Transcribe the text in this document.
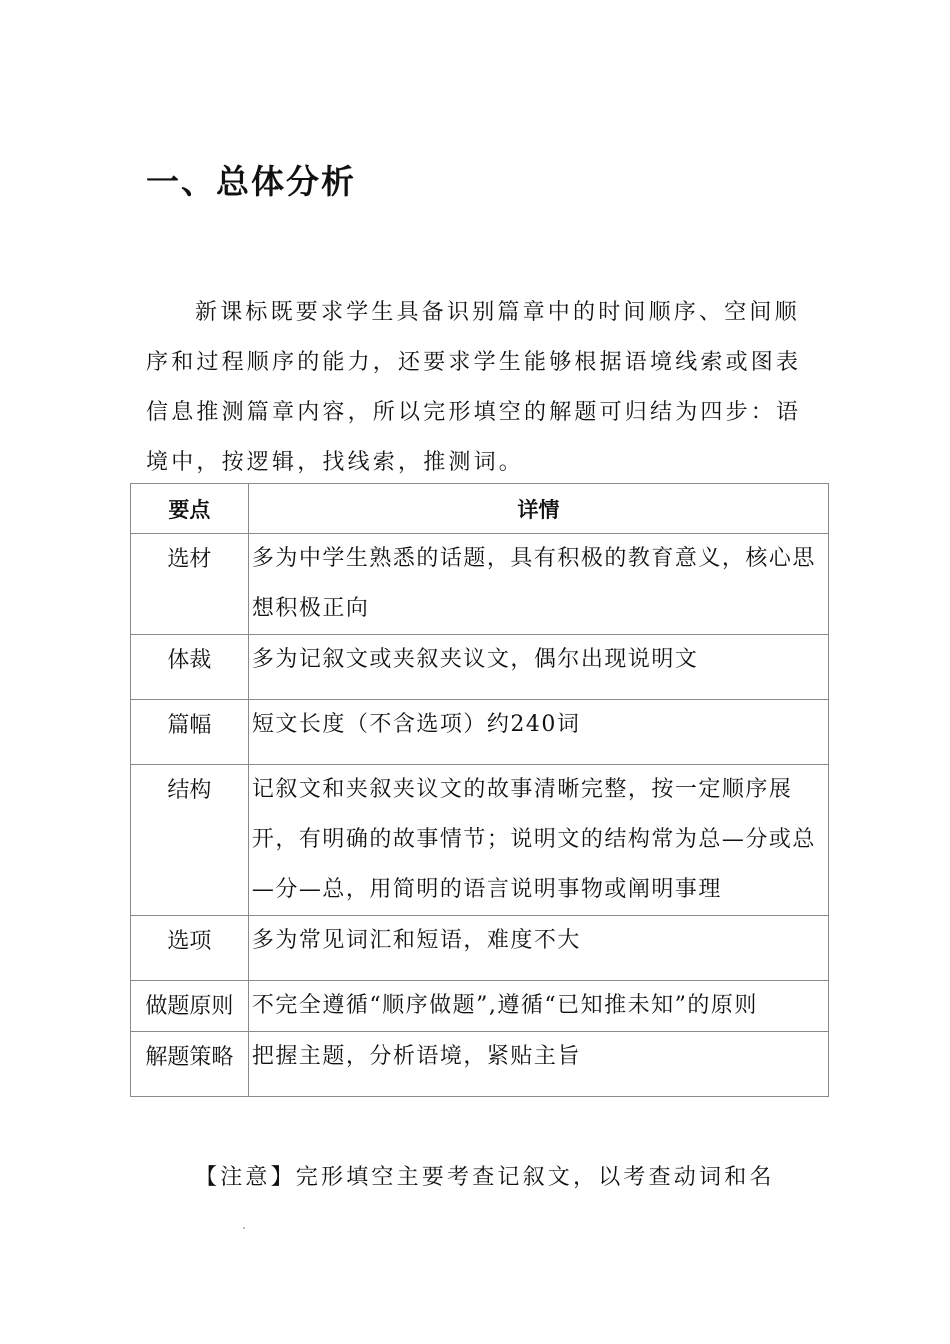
一、总体分析

新课标既要求学生具备识别篇章中的时间顺序、空间顺序和过程顺序的能力，还要求学生能够根据语境线索或图表信息推测篇章内容，所以完形填空的解题可归结为四步：语境中，按逻辑，找线索，推测词。

要点	详情
选材	多为中学生熟悉的话题，具有积极的教育意义，核心思想积极正向
体裁	多为记叙文或夹叙夹议文，偶尔出现说明文
篇幅	短文长度（不含选项）约240词
结构	记叙文和夹叙夹议文的故事清晰完整，按一定顺序展开，有明确的故事情节；说明文的结构常为总—分或总—分—总，用简明的语言说明事物或阐明事理
选项	多为常见词汇和短语，难度不大
做题原则	不完全遵循“顺序做题”,遵循“已知推未知”的原则
解题策略	把握主题，分析语境，紧贴主旨

【注意】完形填空主要考查记叙文，以考查动词和名
